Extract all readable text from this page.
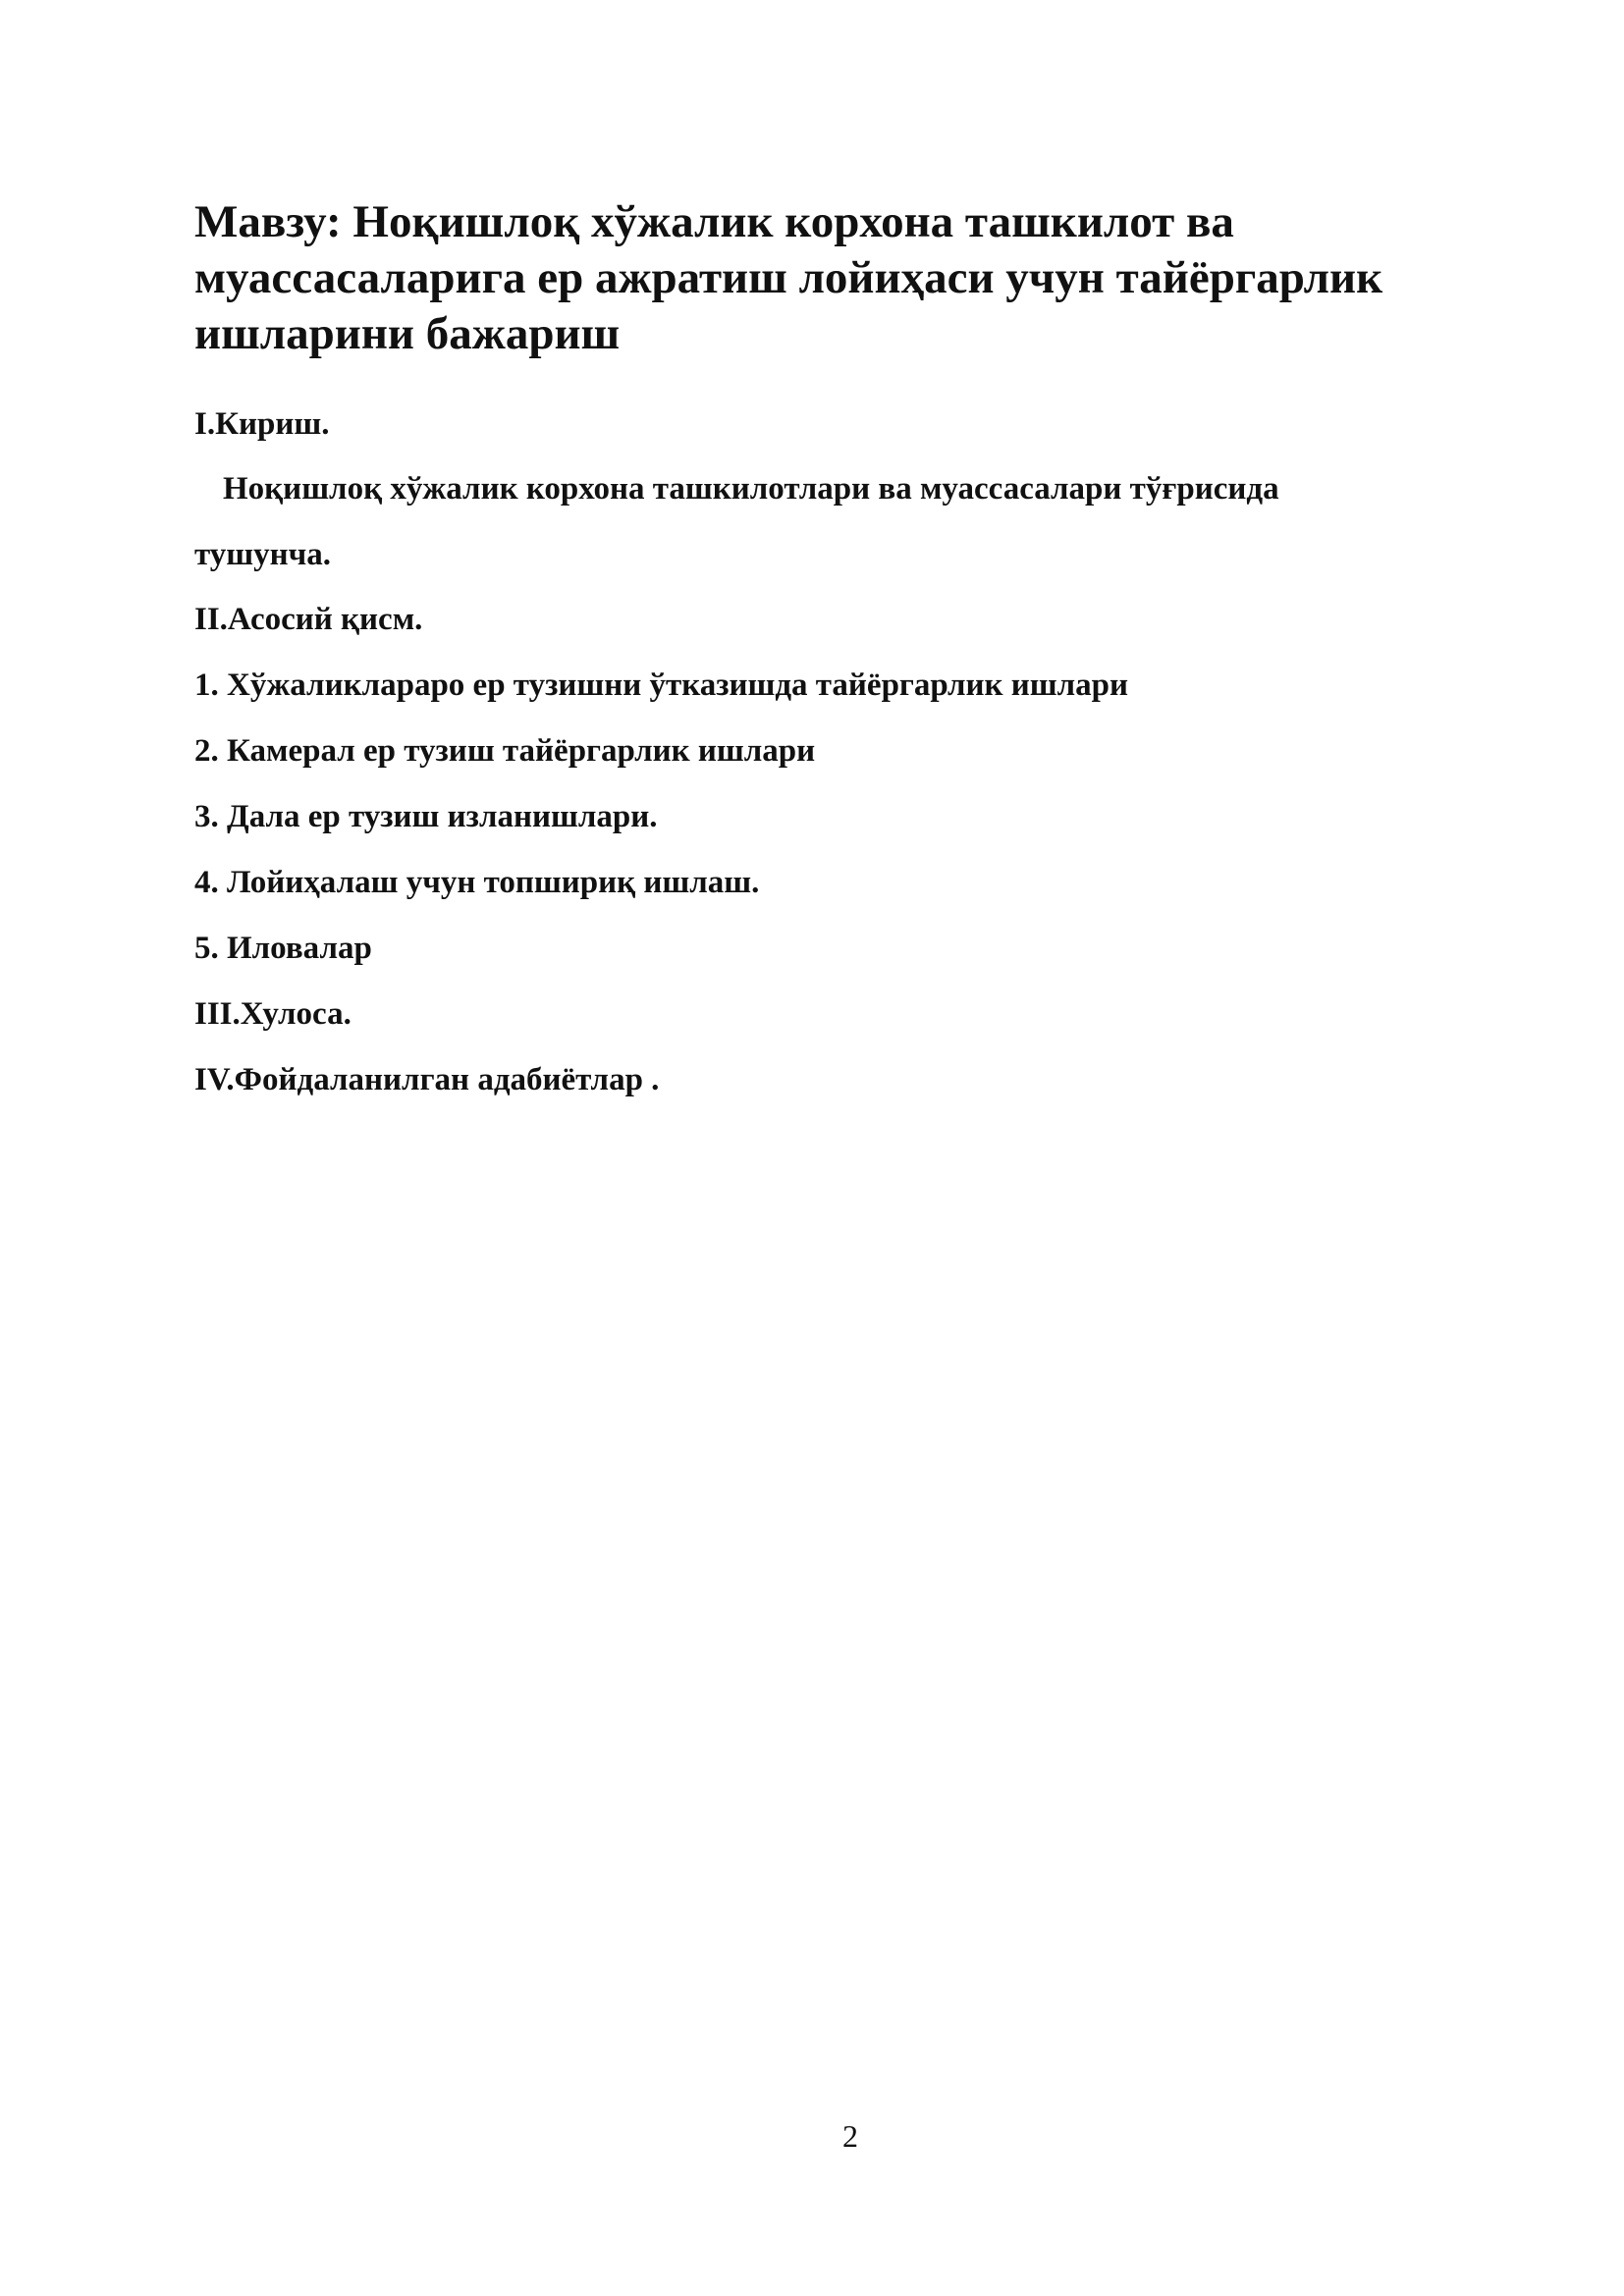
Мавзу: Ноқишлоқ хўжалик корхона ташкилот ва
муассасаларига ер ажратиш лойиҳаси учун тайёргарлик
ишларини бажариш

I.Кириш.

Ноқишлоқ хўжалик корхона ташкилотлари ва муассасалари тўғрисида

тушунча.

II.Асосий қисм.

1. Хўжаликлараро ер тузишни ўтказишда тайёргарлик ишлари

2. Камерал ер тузиш тайёргарлик ишлари

3. Дала ер тузиш изланишлари.

4. Лойиҳалаш учун топшириқ ишлаш.

5. Иловалар

III.Хулоса.

IV.Фойдаланилган адабиётлар .

2
